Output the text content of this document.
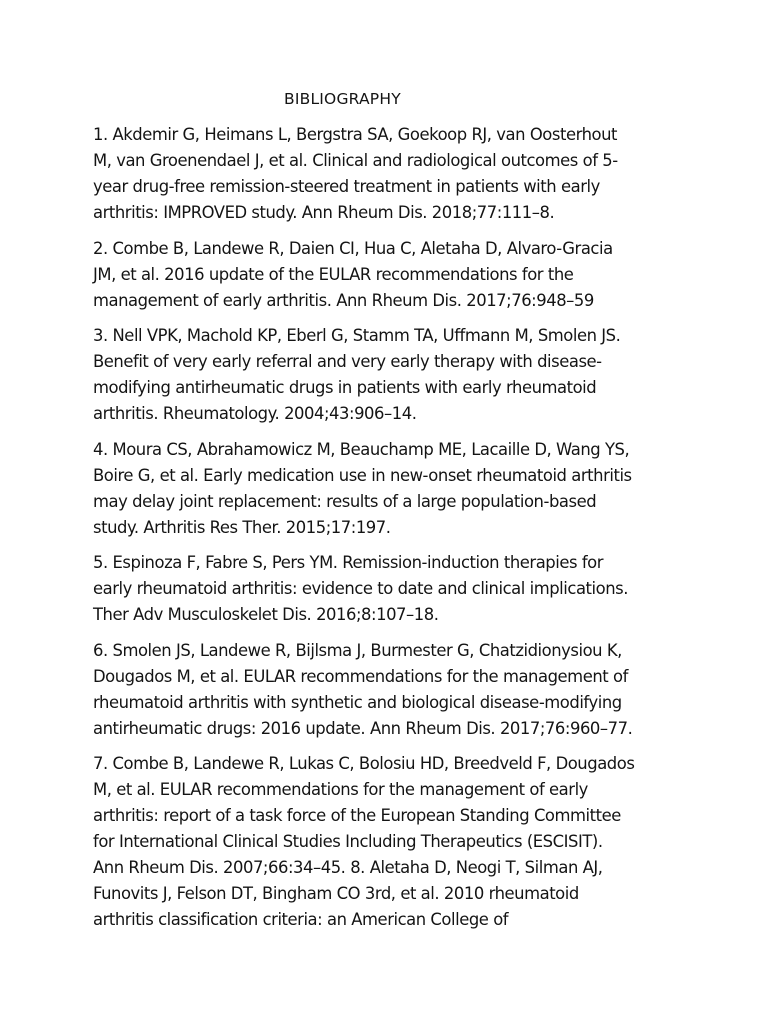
BIBLIOGRAPHY
1. Akdemir G, Heimans L, Bergstra SA, Goekoop RJ, van Oosterhout
M, van Groenendael J, et al. Clinical and radiological outcomes of 5-
year drug-free remission-steered treatment in patients with early
arthritis: IMPROVED study. Ann Rheum Dis. 2018;77:111–8.
2. Combe B, Landewe R, Daien CI, Hua C, Aletaha D, Alvaro-Gracia
JM, et al. 2016 update of the EULAR recommendations for the
management of early arthritis. Ann Rheum Dis. 2017;76:948–59
3. Nell VPK, Machold KP, Eberl G, Stamm TA, Uffmann M, Smolen JS.
Benefit of very early referral and very early therapy with disease-
modifying antirheumatic drugs in patients with early rheumatoid
arthritis. Rheumatology. 2004;43:906–14.
4. Moura CS, Abrahamowicz M, Beauchamp ME, Lacaille D, Wang YS,
Boire G, et al. Early medication use in new-onset rheumatoid arthritis
may delay joint replacement: results of a large population-based
study. Arthritis Res Ther. 2015;17:197.
5. Espinoza F, Fabre S, Pers YM. Remission-induction therapies for
early rheumatoid arthritis: evidence to date and clinical implications.
Ther Adv Musculoskelet Dis. 2016;8:107–18.
6. Smolen JS, Landewe R, Bijlsma J, Burmester G, Chatzidionysiou K,
Dougados M, et al. EULAR recommendations for the management of
rheumatoid arthritis with synthetic and biological disease-modifying
antirheumatic drugs: 2016 update. Ann Rheum Dis. 2017;76:960–77.
7. Combe B, Landewe R, Lukas C, Bolosiu HD, Breedveld F, Dougados
M, et al. EULAR recommendations for the management of early
arthritis: report of a task force of the European Standing Committee
for International Clinical Studies Including Therapeutics (ESCISIT).
Ann Rheum Dis. 2007;66:34–45. 8. Aletaha D, Neogi T, Silman AJ,
Funovits J, Felson DT, Bingham CO 3rd, et al. 2010 rheumatoid
arthritis classification criteria: an American College of
